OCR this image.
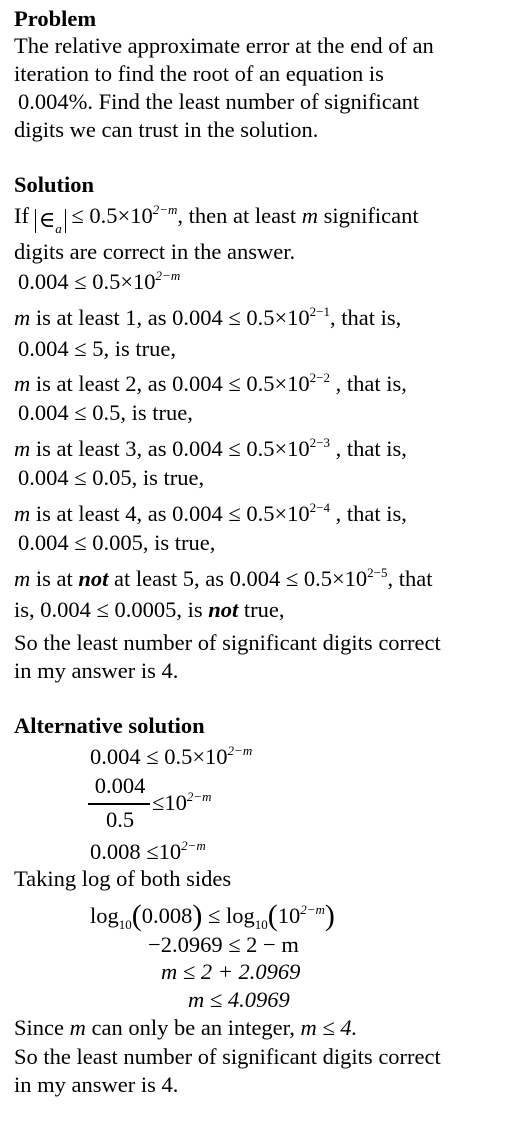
Problem
The relative approximate error at the end of an
iteration to find the root of an equation is
0.004%. Find the least number of significant
digits we can trust in the solution.
Solution
If $\in_a \le 0.5\times 10^{2-m}$, then at least m significant
digits are correct in the answer.
$0.004 \le 0.5\times 10^{2-m}$
m is at least 1, as $0.004 \le 0.5\times 10^{2-1}$, that is,
0.004 ≤ 5, is true,
m is at least 2, as $0.004 \le 0.5\times 10^{2-2}$ , that is,
0.004 ≤ 0.5, is true,
m is at least 3, as $0.004 \le 0.5\times 10^{2-3}$ , that is,
0.004 ≤ 0.05, is true,
m is at least 4, as $0.004 \le 0.5\times 10^{2-4}$ , that is,
0.004 ≤ 0.005, is true,
m is at not at least 5, as $0.004 \le 0.5\times 10^{2-5}$, that
is, 0.004 ≤ 0.0005, is not true,
So the least number of significant digits correct
in my answer is 4.
Alternative solution
$0.004 \le 0.5\times 10^{2-m}$
0.004
0.5
$\le 10^{2-m}$
$0.008 \le 10^{2-m}$
Taking log of both sides
$\log_{10}(0.008) \le \log_{10}(10^{2-m})$
−2.0969 ≤ 2 − m
m ≤ 2 + 2.0969
m ≤ 4.0969
Since m can only be an integer, m ≤ 4.
So the least number of significant digits correct
in my answer is 4.
